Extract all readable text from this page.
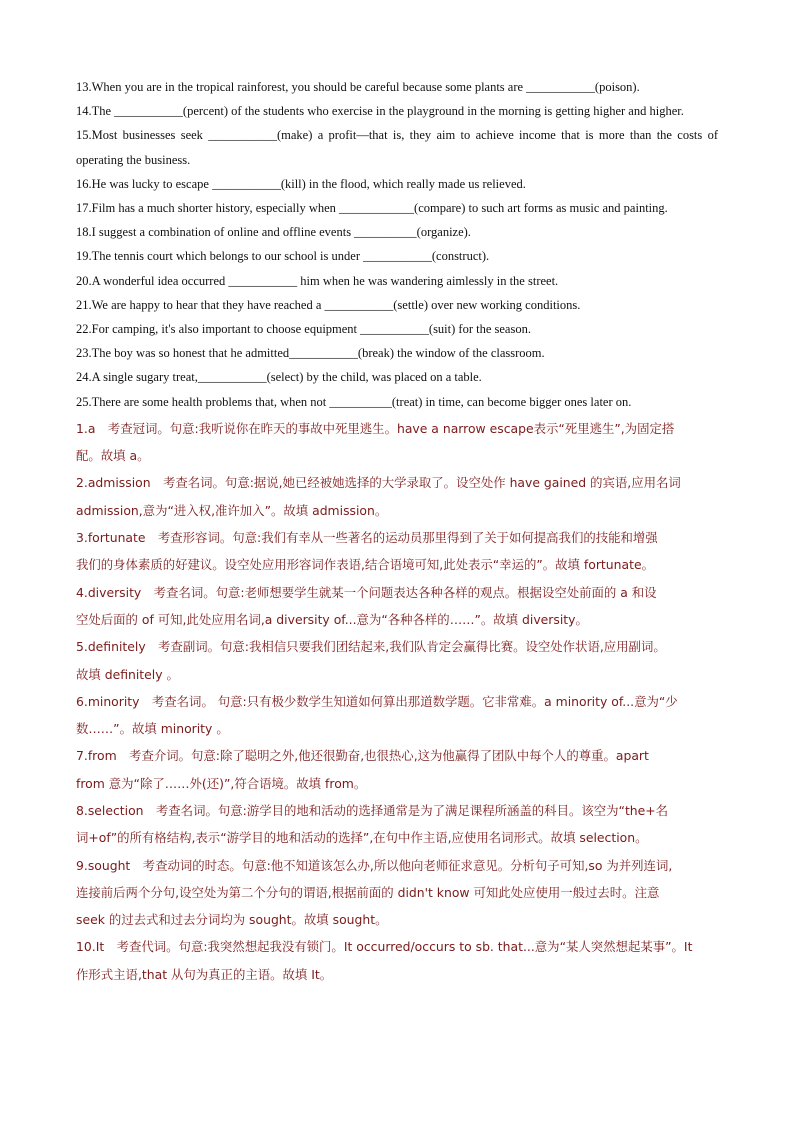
13.When you are in the tropical rainforest, you should be careful because some plants are ___________(poison).

14.The ___________(percent) of the students who exercise in the playground in the morning is getting higher and higher.

15.Most businesses seek ___________(make) a profit—that is, they aim to achieve income that is more than the costs of operating the business.

16.He was lucky to escape ___________(kill) in the flood, which really made us relieved.

17.Film has a much shorter history, especially when ____________(compare) to such art forms as music and painting.

18.I suggest a combination of online and offline events __________(organize).

19.The tennis court which belongs to our school is under ___________(construct).

20.A wonderful idea occurred ___________ him when he was wandering aimlessly in the street.

21.We are happy to hear that they have reached a ___________(settle) over new working conditions.

22.For camping, it's also important to choose equipment ___________(suit) for the season.

23.The boy was so honest that he admitted___________(break) the window of the classroom.

24.A single sugary treat,___________(select) by the child, was placed on a table.

25.There are some health problems that, when not __________(treat) in time, can become bigger ones later on.

1.a　考查冠词。句意:我听说你在昨天的事故中死里逃生。have a narrow escape表示“死里逃生”,为固定搭
配。故填 a。
2.admission　考查名词。句意:据说,她已经被她选择的大学录取了。设空处作 have gained 的宾语,应用名词
admission,意为“进入权,准许加入”。故填 admission。
3.fortunate　考查形容词。句意:我们有幸从一些著名的运动员那里得到了关于如何提高我们的技能和增强
我们的身体素质的好建议。设空处应用形容词作表语,结合语境可知,此处表示“幸运的”。故填 fortunate。
4.diversity　考查名词。句意:老师想要学生就某一个问题表达各种各样的观点。根据设空处前面的 a 和设
空处后面的 of 可知,此处应用名词,a diversity of...意为“各种各样的……”。故填 diversity。
5.definitely　考查副词。句意:我相信只要我们团结起来,我们队肯定会赢得比赛。设空处作状语,应用副词。
故填 definitely 。
6.minority　考查名词。 句意:只有极少数学生知道如何算出那道数学题。它非常难。a minority of...意为“少
数……”。故填 minority 。
7.from　考查介词。句意:除了聪明之外,他还很勤奋,也很热心,这为他赢得了团队中每个人的尊重。apart
from 意为“除了……外(还)”,符合语境。故填 from。
8.selection　考查名词。句意:游学目的地和活动的选择通常是为了满足课程所涵盖的科目。该空为“the+名
词+of”的所有格结构,表示“游学目的地和活动的选择”,在句中作主语,应使用名词形式。故填 selection。
9.sought　考查动词的时态。句意:他不知道该怎么办,所以他向老师征求意见。分析句子可知,so 为并列连词,
连接前后两个分句,设空处为第二个分句的谓语,根据前面的 didn't know 可知此处应使用一般过去时。注意
seek 的过去式和过去分词均为 sought。故填 sought。
10.It　考查代词。句意:我突然想起我没有锁门。It occurred/occurs to sb. that...意为“某人突然想起某事”。It
作形式主语,that 从句为真正的主语。故填 It。
